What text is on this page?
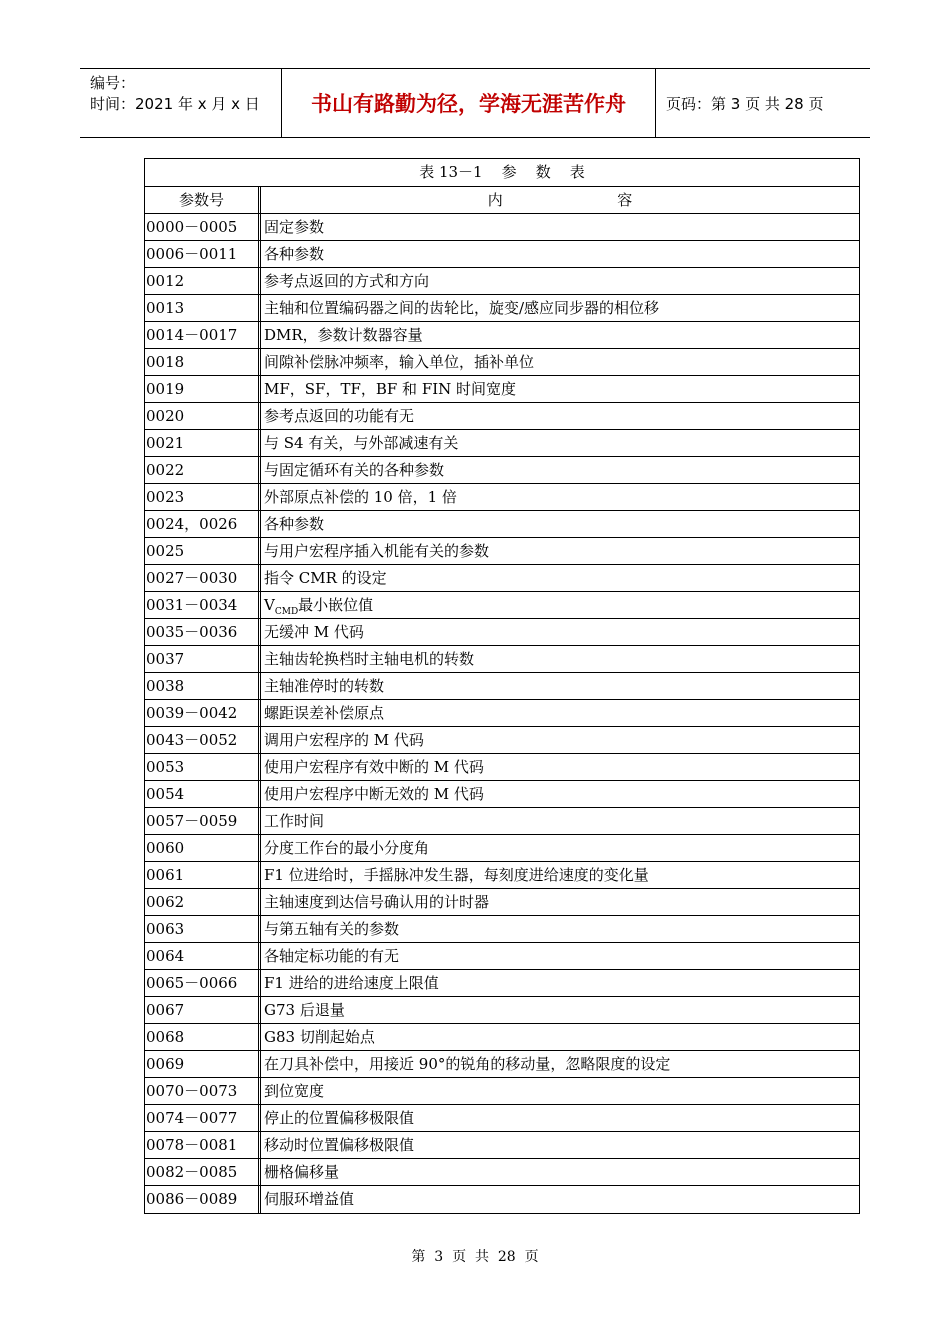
编号：
时间：2021 年 x 月 x 日	书山有路勤为径，学海无涯苦作舟	页码：第 3 页 共 28 页
表 13－1    参    数    表
参数号	内                        容
0000－0005	固定参数
0006－0011	各种参数
0012	参考点返回的方式和方向
0013	主轴和位置编码器之间的齿轮比，旋变/感应同步器的相位移
0014－0017	DMR，参数计数器容量
0018	间隙补偿脉冲频率，输入单位，插补单位
0019	MF，SF，TF，BF 和 FIN 时间宽度
0020	参考点返回的功能有无
0021	与 S4 有关，与外部减速有关
0022	与固定循环有关的各种参数
0023	外部原点补偿的 10 倍，1 倍
0024，0026	各种参数
0025	与用户宏程序插入机能有关的参数
0027－0030	指令 CMR 的设定
0031－0034	$V_{CMD}$最小嵌位值
0035－0036	无缓冲 M 代码
0037	主轴齿轮换档时主轴电机的转数
0038	主轴准停时的转数
0039－0042	螺距误差补偿原点
0043－0052	调用户宏程序的 M 代码
0053	使用户宏程序有效中断的 M 代码
0054	使用户宏程序中断无效的 M 代码
0057－0059	工作时间
0060	分度工作台的最小分度角
0061	F1 位进给时，手摇脉冲发生器，每刻度进给速度的变化量
0062	主轴速度到达信号确认用的计时器
0063	与第五轴有关的参数
0064	各轴定标功能的有无
0065－0066	F1 进给的进给速度上限值
0067	G73 后退量
0068	G83 切削起始点
0069	在刀具补偿中，用接近 90°的锐角的移动量，忽略限度的设定
0070－0073	到位宽度
0074－0077	停止的位置偏移极限值
0078－0081	移动时位置偏移极限值
0082－0085	栅格偏移量
0086－0089	伺服环增益值
第  3  页  共  28  页
